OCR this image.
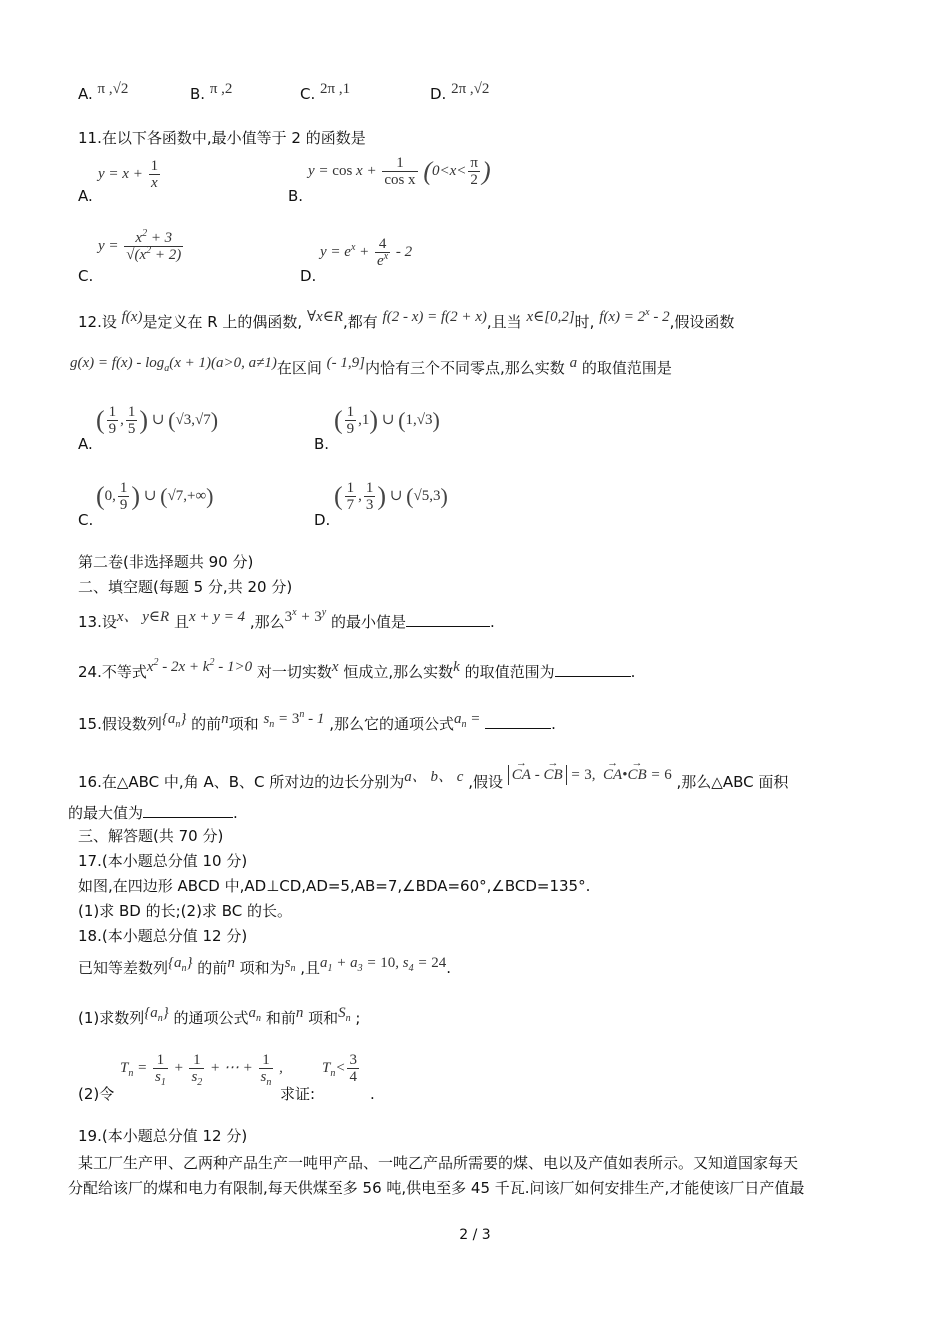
A. π ,√2	B. π ,2	C. 2π ,1	D. 2π ,√2
11.在以下各函数中,最小值等于 2 的函数是
A.
$y = x + \frac{1}{x}$
B.
$y = \cos x + \frac{1}{\text{cos x}} (0<x< \frac{\pi}{2}$ )
C.
$y = \frac{x^2 + 3}{√(x^2 + 2)}$
D.
$y = e^x + \frac{4}{e^x} - 2$
12.设 f(x)是定义在 R 上的偶函数, ∀x∈R,都有 f(2 - x) = f(2 + x),且当 x∈[0,2]时, $f(x) = 2^x - 2$,假设函数
$g(x) = f(x) - \log_a(x + 1)(a>0$, a≠1)在区间 (- 1,9]内恰有三个不同零点,那么实数 a 的取值范围是
A.
( $\frac{1}{9}$ , $\frac{1}{5}$ ) ∪ (√3,√7)
B.
( $\frac{1}{9} ,1$) ∪ (1,√3)
C.
(0, $\frac{1}{9}$ ) ∪ (√7,+∞)
D.
( $\frac{1}{7}$ , $\frac{1}{3}$ ) ∪ (√5,3)
第二卷(非选择题共 90 分)
二、填空题(每题 5 分,共 20 分)
13.设x、 y∈R 且x + y = 4 ,那么$3^x + 3^y$ 的最小值是	.
24.不等式$x^2 - 2x + k^2 - 1>0$ 对一切实数x 恒成立,那么实数k 的取值范围为	.
15.假设数列$\{a_n\}$ 的前n项和 $s_n = 3^n - 1$ ,那么它的通项公式$a_n$ =	.
16.在△ABC 中,角 A、B、C 所对边的边长分别为a、 b、 c ,假设 → CA - → CB = 3,  → CA•→ CB = 6 ,那么△ABC 面积
的最大值为	.
三、解答题(共 70 分)
17.(本小题总分值 10 分)
如图,在四边形 ABCD 中,AD⊥CD,AD=5,AB=7,∠BDA=60°,∠BCD=135°.
(1)求 BD 的长;(2)求 BC 的长。
18.(本小题总分值 12 分)
已知等差数列$\{a_n\}$ 的前n 项和为$s_n$ ,且$a_1 + a_3 = 10$, $s_4 = 24$.
(1)求数列$\{a_n\}$ 的通项公式$a_n$ 和前n 项和$S_n$ ;
(2)令
$T_n = \frac{1}{s_1} + \frac{1}{s_2}$ + ⋯ + $\frac{1}{s_n}$ ,
求证:
$T_n< \frac{3}{4}$
.
19.(本小题总分值 12 分)
某工厂生产甲、乙两种产品生产一吨甲产品、一吨乙产品所需要的煤、电以及产值如表所示。又知道国家每天
分配给该厂的煤和电力有限制,每天供煤至多 56 吨,供电至多 45 千瓦.问该厂如何安排生产,才能使该厂日产值最
2 / 3
